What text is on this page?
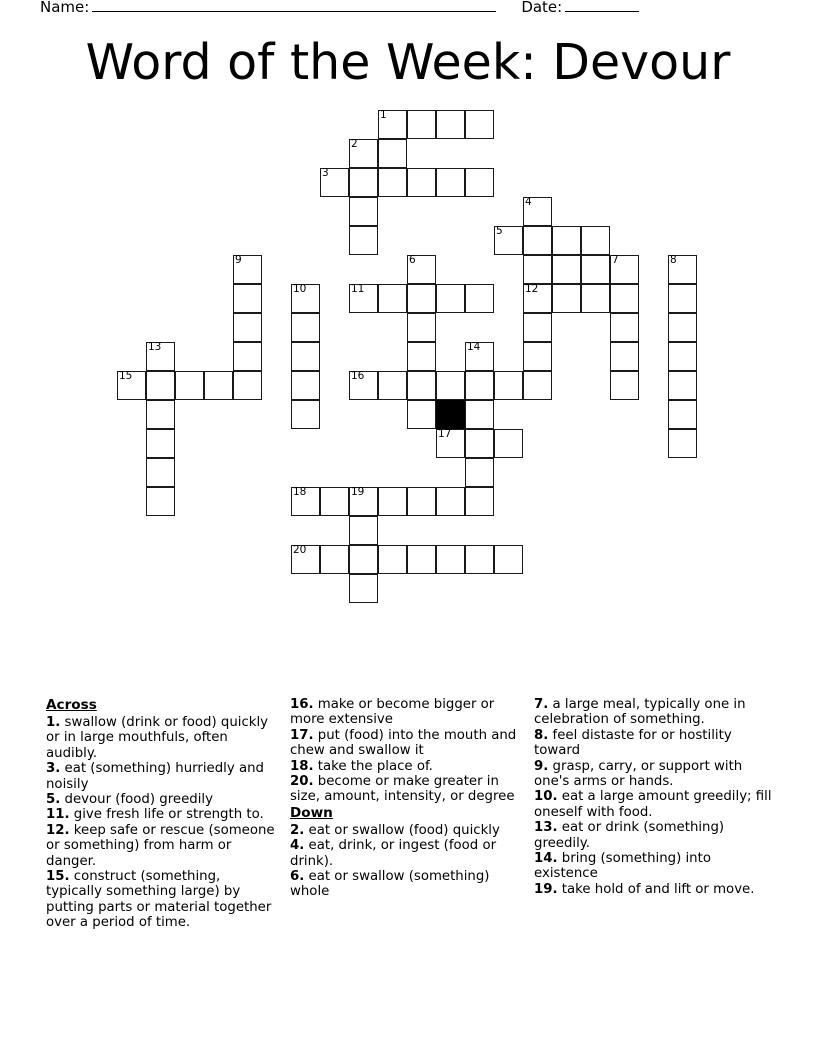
Name:	Date:
Word of the Week: Devour
1
2
3
4
5
6	7	8
9
10	11	12
13	14
15	16
17
18	19
20
Across

1. swallow (drink or food) quickly or in large mouthfuls, often audibly.

3. eat (something) hurriedly and noisily

5. devour (food) greedily

11. give fresh life or strength to.

12. keep safe or rescue (someone or something) from harm or danger.

15. construct (something, typically something large) by putting parts or material together over a period of time.

16. make or become bigger or more extensive

17. put (food) into the mouth and chew and swallow it

18. take the place of.

20. become or make greater in size, amount, intensity, or degree

Down

2. eat or swallow (food) quickly

4. eat, drink, or ingest (food or drink).

6. eat or swallow (something) whole

7. a large meal, typically one in celebration of something.

8. feel distaste for or hostility toward

9. grasp, carry, or support with one's arms or hands.

10. eat a large amount greedily; fill oneself with food.

13. eat or drink (something) greedily.

14. bring (something) into existence

19. take hold of and lift or move.
